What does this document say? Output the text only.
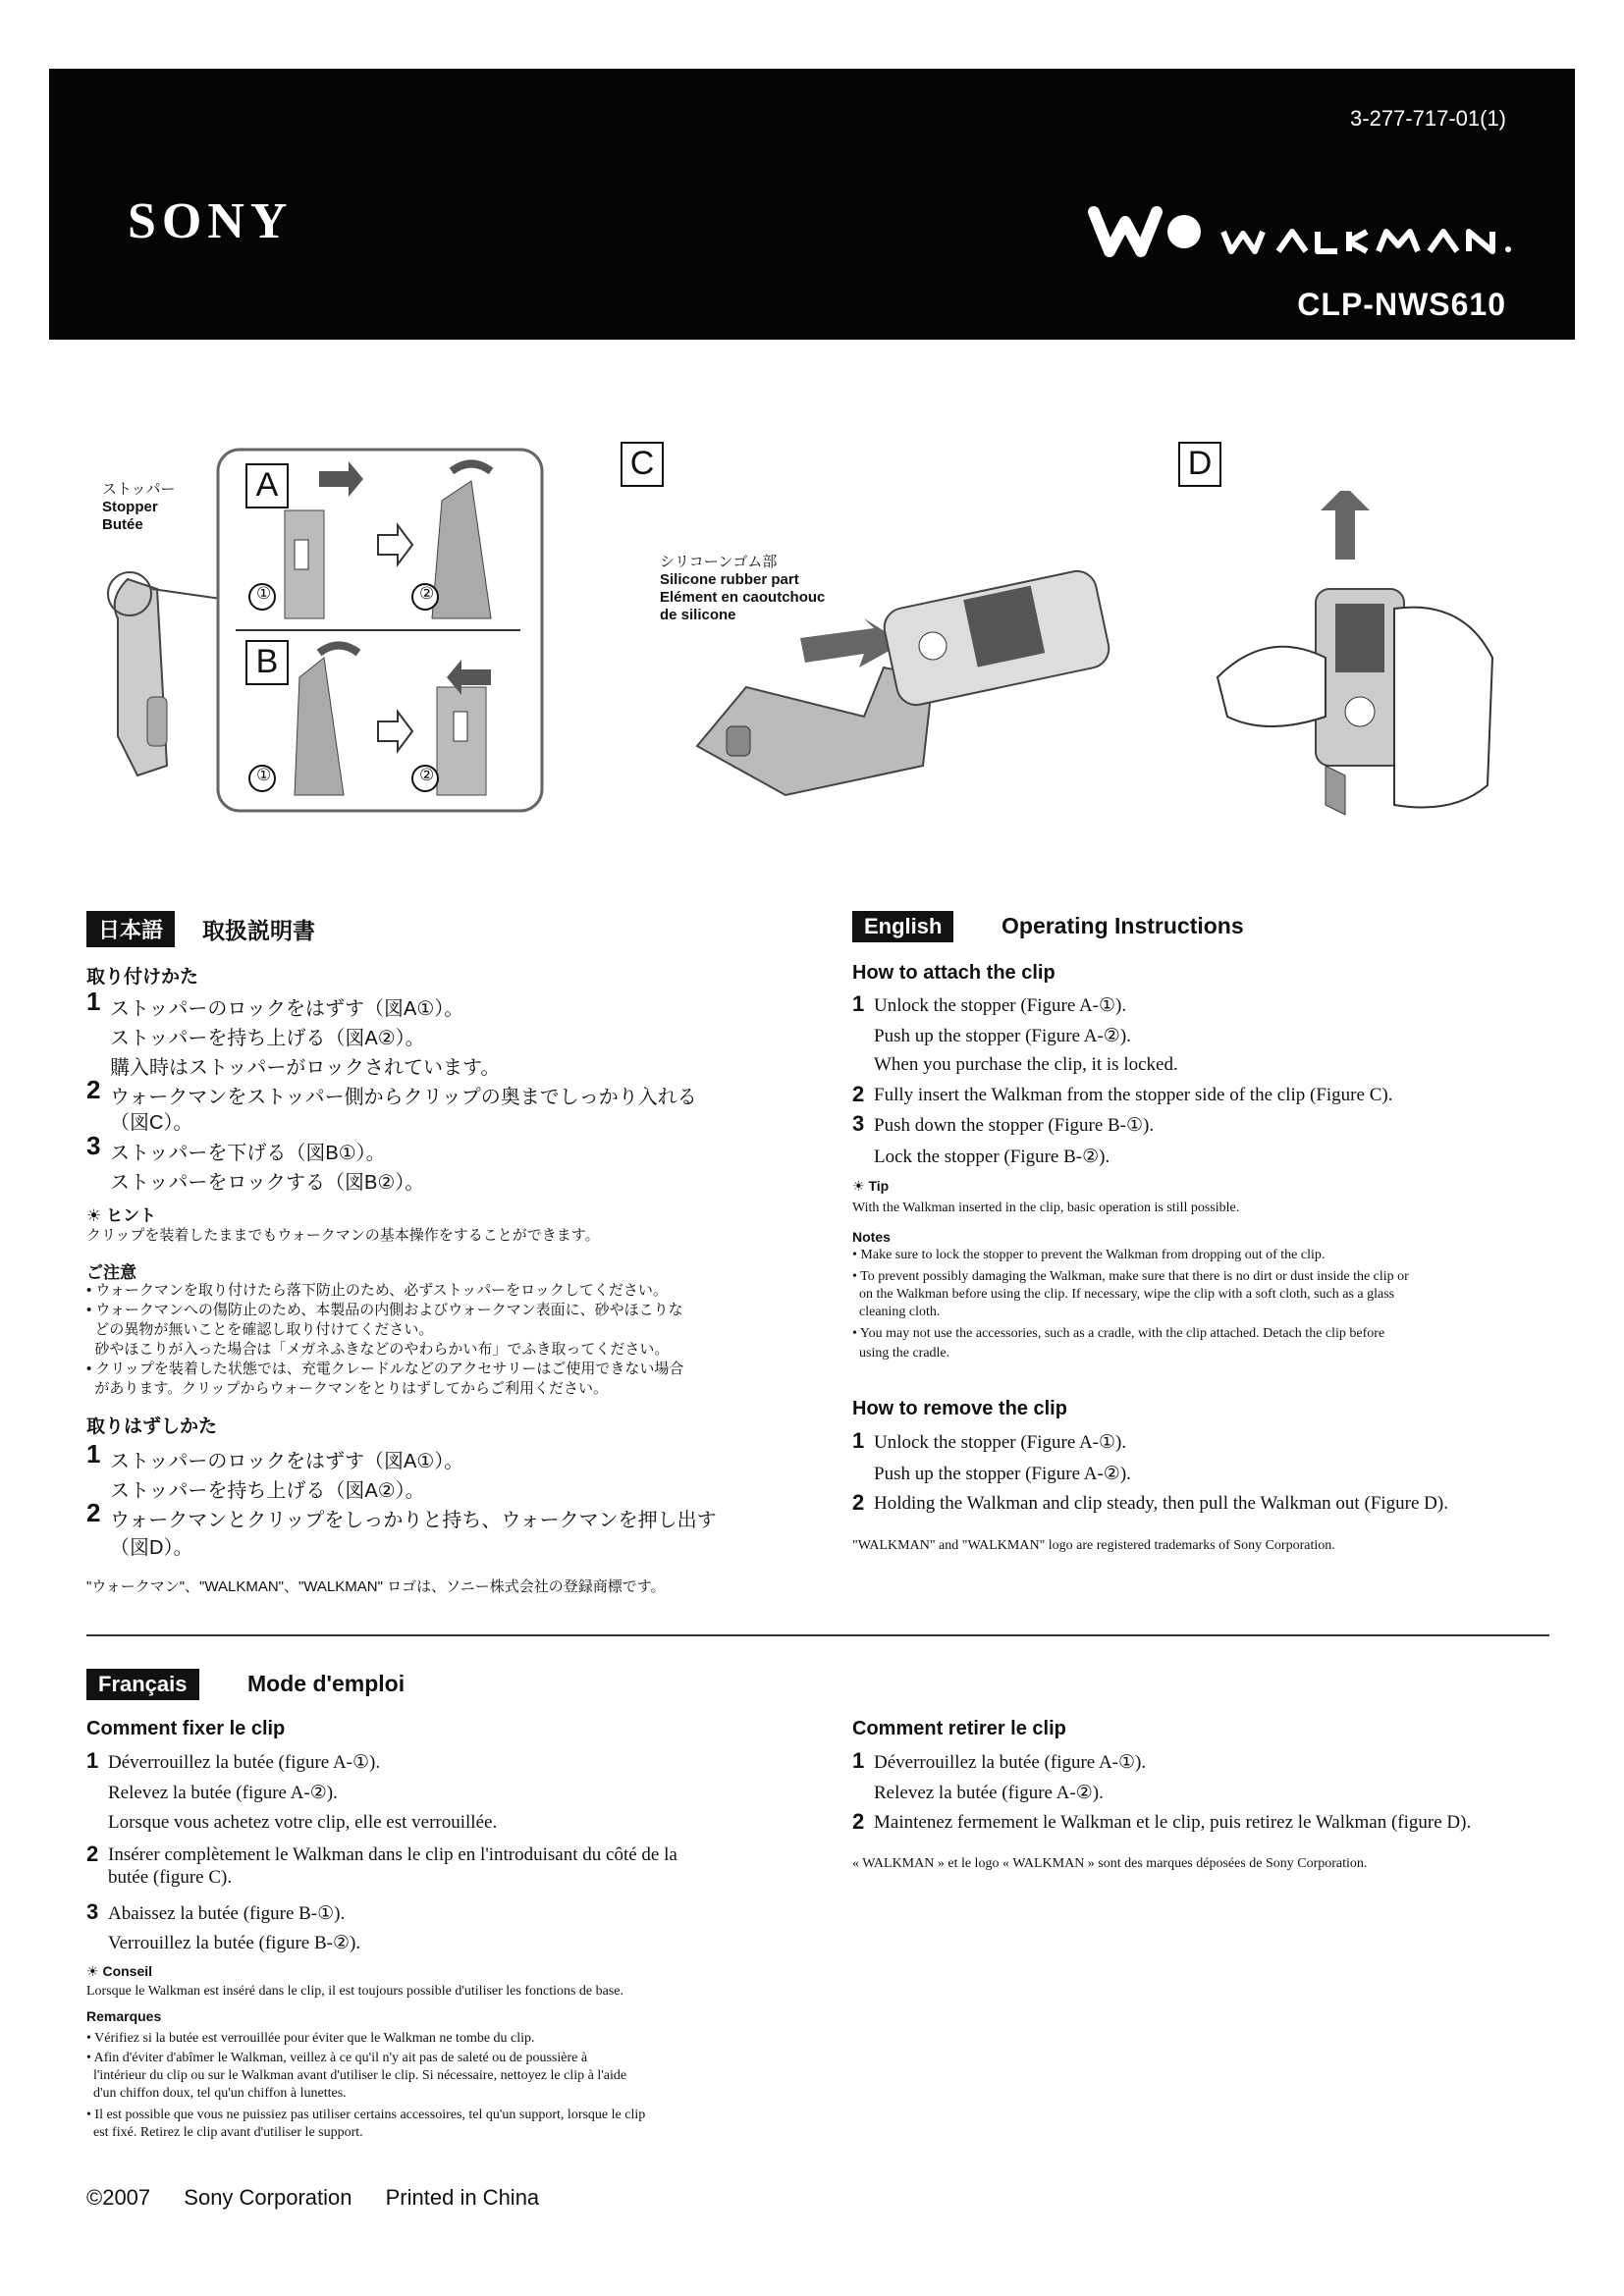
3-277-717-01(1)
SONY
CLP-NWS610
ストッパー
Stopper
Butée
A
B
①	②
①	②
C
シリコーンゴム部
Silicone rubber part
Elément en caoutchouc
de silicone
D
日本語	取扱説明書
取り付けかた
1 ストッパーのロックをはずす（図A①）。
ストッパーを持ち上げる（図A②）。
購入時はストッパーがロックされています。
2 ウォークマンをストッパー側からクリップの奥までしっかり入れる
（図C）。
3 ストッパーを下げる（図B①）。
ストッパーをロックする（図B②）。
☀ ヒント
クリップを装着したままでもウォークマンの基本操作をすることができます。
ご注意
• ウォークマンを取り付けたら落下防止のため、必ずストッパーをロックしてください。
• ウォークマンへの傷防止のため、本製品の内側およびウォークマン表面に、砂やほこりな
どの異物が無いことを確認し取り付けてください。
砂やほこりが入った場合は「メガネふきなどのやわらかい布」でふき取ってください。
• クリップを装着した状態では、充電クレードルなどのアクセサリーはご使用できない場合
があります。クリップからウォークマンをとりはずしてからご利用ください。
取りはずしかた
1 ストッパーのロックをはずす（図A①）。
ストッパーを持ち上げる（図A②）。
2 ウォークマンとクリップをしっかりと持ち、ウォークマンを押し出す
（図D）。
"ウォークマン"、"WALKMAN"、"WALKMAN" ロゴは、ソニー株式会社の登録商標です。
English	Operating Instructions
How to attach the clip
1 Unlock the stopper (Figure A-①).
Push up the stopper (Figure A-②).
When you purchase the clip, it is locked.
2 Fully insert the Walkman from the stopper side of the clip (Figure C).
3 Push down the stopper (Figure B-①).
Lock the stopper (Figure B-②).
☀ Tip
With the Walkman inserted in the clip, basic operation is still possible.
Notes
• Make sure to lock the stopper to prevent the Walkman from dropping out of the clip.
• To prevent possibly damaging the Walkman, make sure that there is no dirt or dust inside the clip or
on the Walkman before using the clip. If necessary, wipe the clip with a soft cloth, such as a glass
cleaning cloth.
• You may not use the accessories, such as a cradle, with the clip attached. Detach the clip before
using the cradle.
How to remove the clip
1 Unlock the stopper (Figure A-①).
Push up the stopper (Figure A-②).
2 Holding the Walkman and clip steady, then pull the Walkman out (Figure D).
"WALKMAN" and "WALKMAN" logo are registered trademarks of Sony Corporation.
Français	Mode d'emploi
Comment fixer le clip
1 Déverrouillez la butée (figure A-①).
Relevez la butée (figure A-②).
Lorsque vous achetez votre clip, elle est verrouillée.
2 Insérer complètement le Walkman dans le clip en l'introduisant du côté de la
butée (figure C).
3 Abaissez la butée (figure B-①).
Verrouillez la butée (figure B-②).
☀ Conseil
Lorsque le Walkman est inséré dans le clip, il est toujours possible d'utiliser les fonctions de base.
Remarques
• Vérifiez si la butée est verrouillée pour éviter que le Walkman ne tombe du clip.
• Afin d'éviter d'abîmer le Walkman, veillez à ce qu'il n'y ait pas de saleté ou de poussière à
l'intérieur du clip ou sur le Walkman avant d'utiliser le clip. Si nécessaire, nettoyez le clip à l'aide
d'un chiffon doux, tel qu'un chiffon à lunettes.
• Il est possible que vous ne puissiez pas utiliser certains accessoires, tel qu'un support, lorsque le clip
est fixé. Retirez le clip avant d'utiliser le support.
Comment retirer le clip
1 Déverrouillez la butée (figure A-①).
Relevez la butée (figure A-②).
2 Maintenez fermement le Walkman et le clip, puis retirez le Walkman (figure D).
« WALKMAN » et le logo « WALKMAN » sont des marques déposées de Sony Corporation.
©2007 Sony Corporation Printed in China
